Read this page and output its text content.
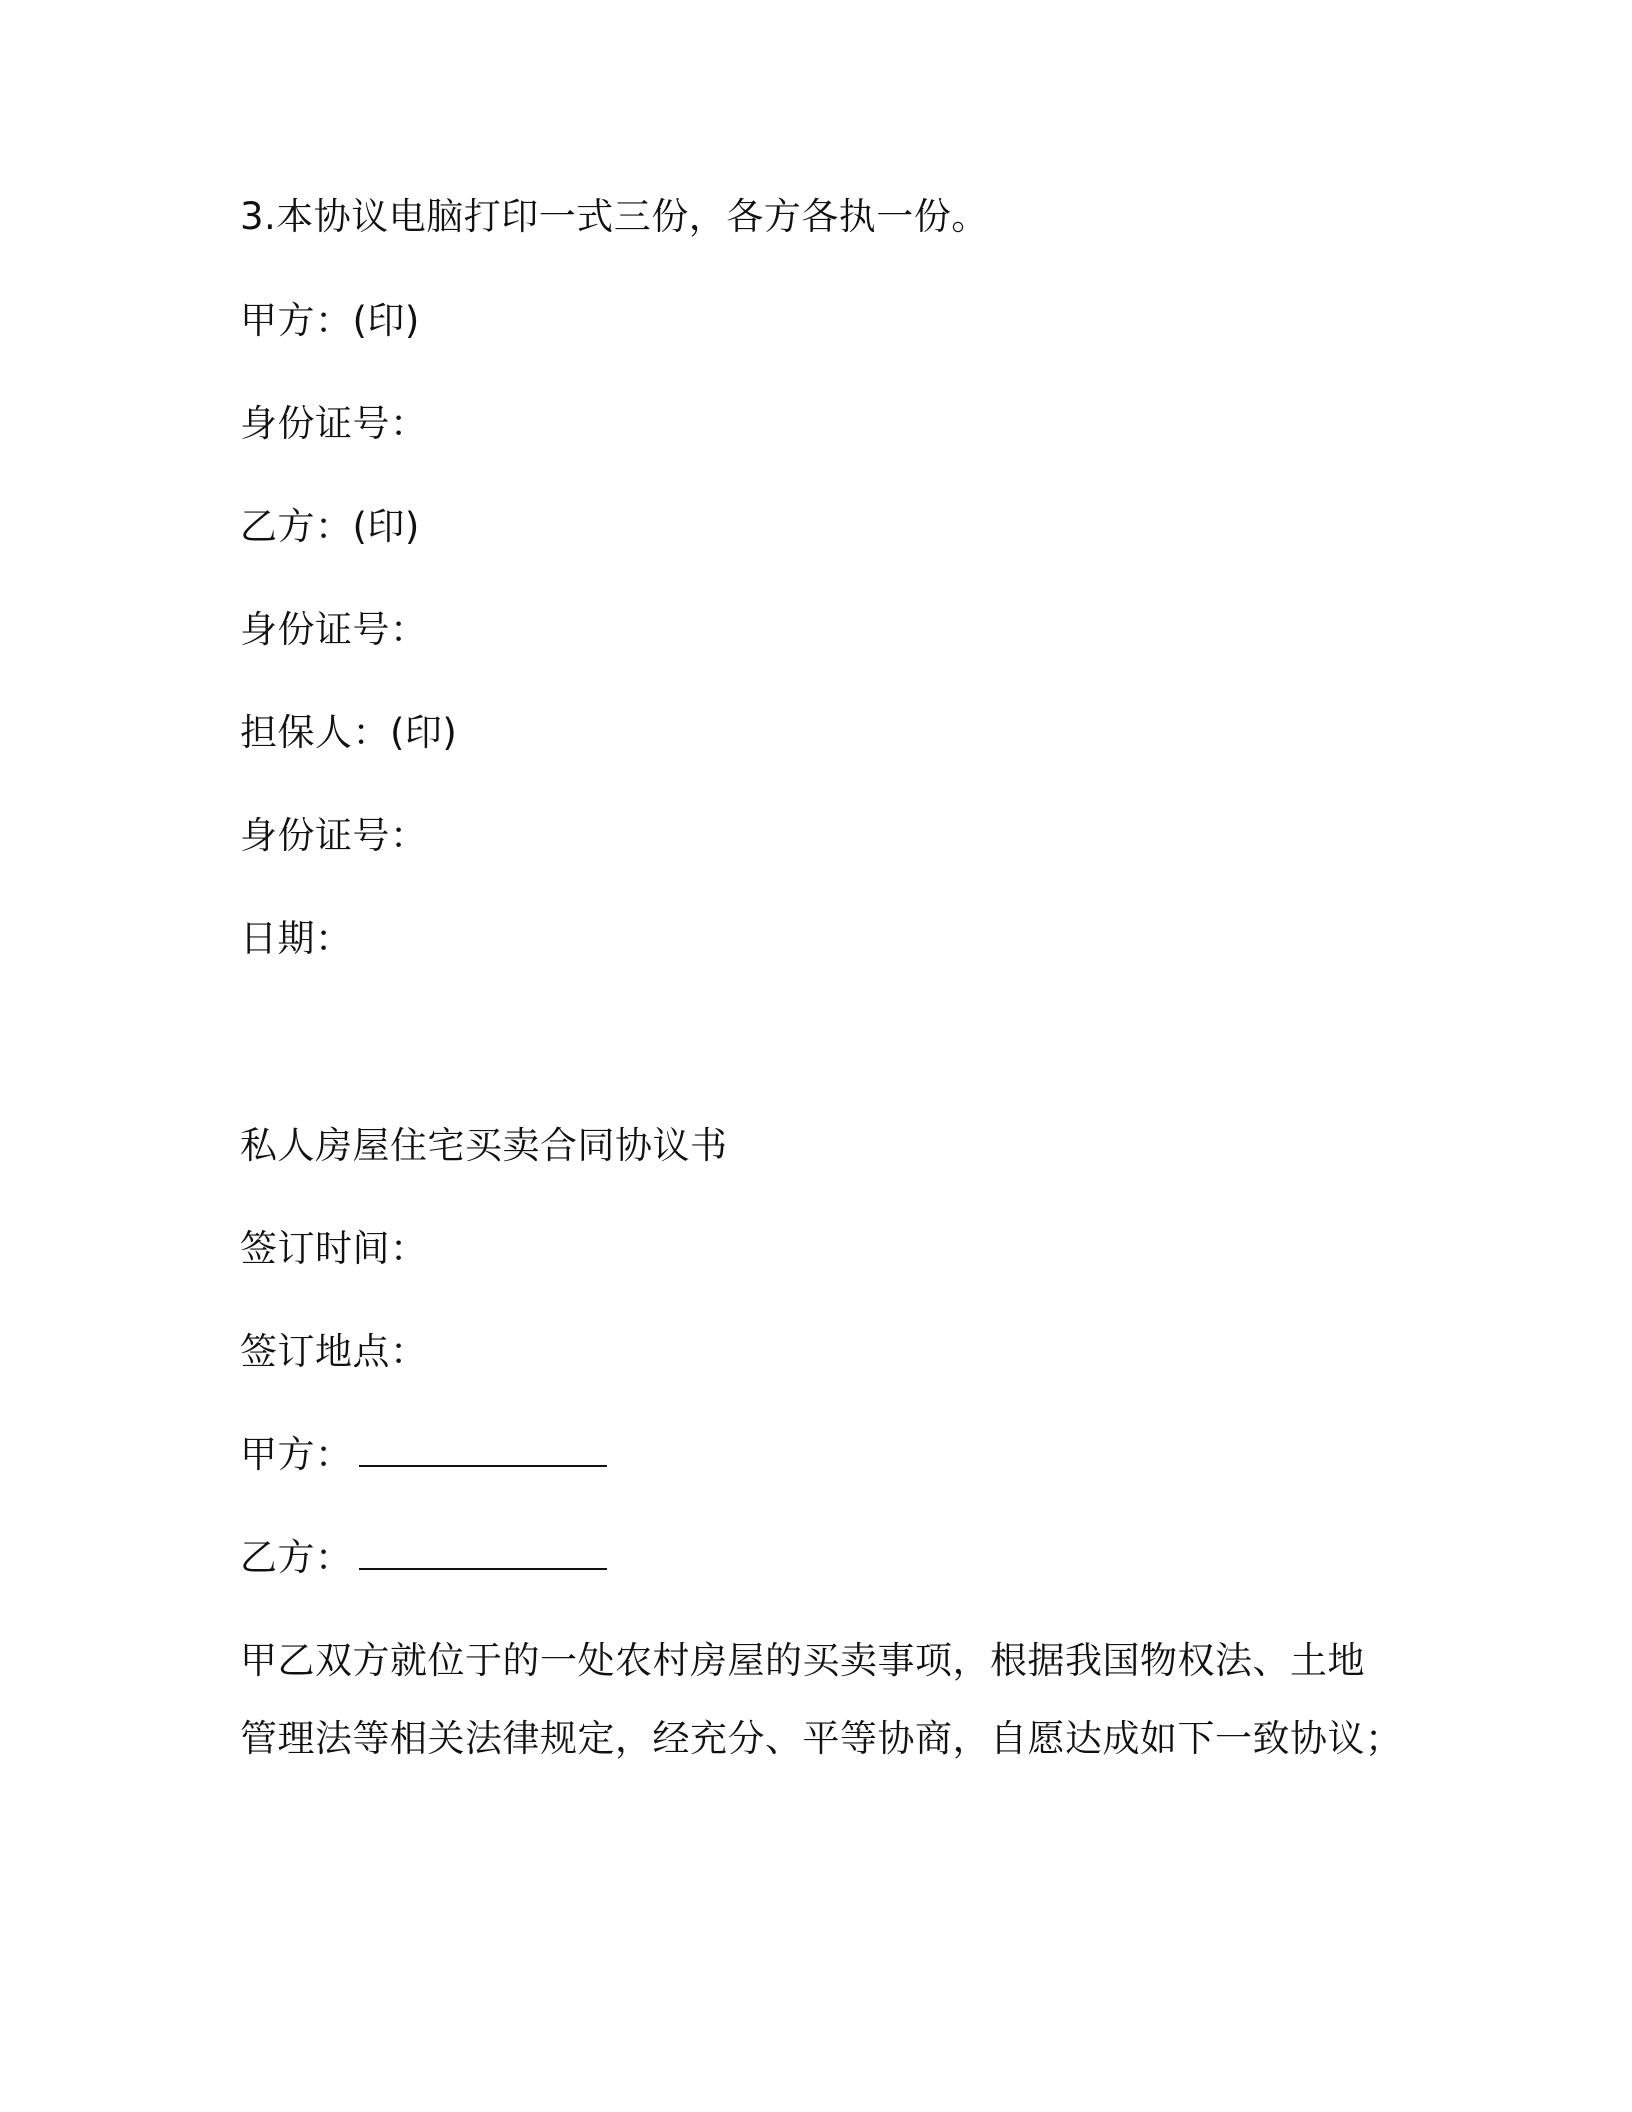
3.本协议电脑打印一式三份，各方各执一份。
甲方：(印)
身份证号：
乙方：(印)
身份证号：
担保人：(印)
身份证号：
日期：
私人房屋住宅买卖合同协议书
签订时间：
签订地点：
甲方：
乙方：
甲乙双方就位于的一处农村房屋的买卖事项，根据我国物权法、土地
管理法等相关法律规定，经充分、平等协商，自愿达成如下一致协议；
